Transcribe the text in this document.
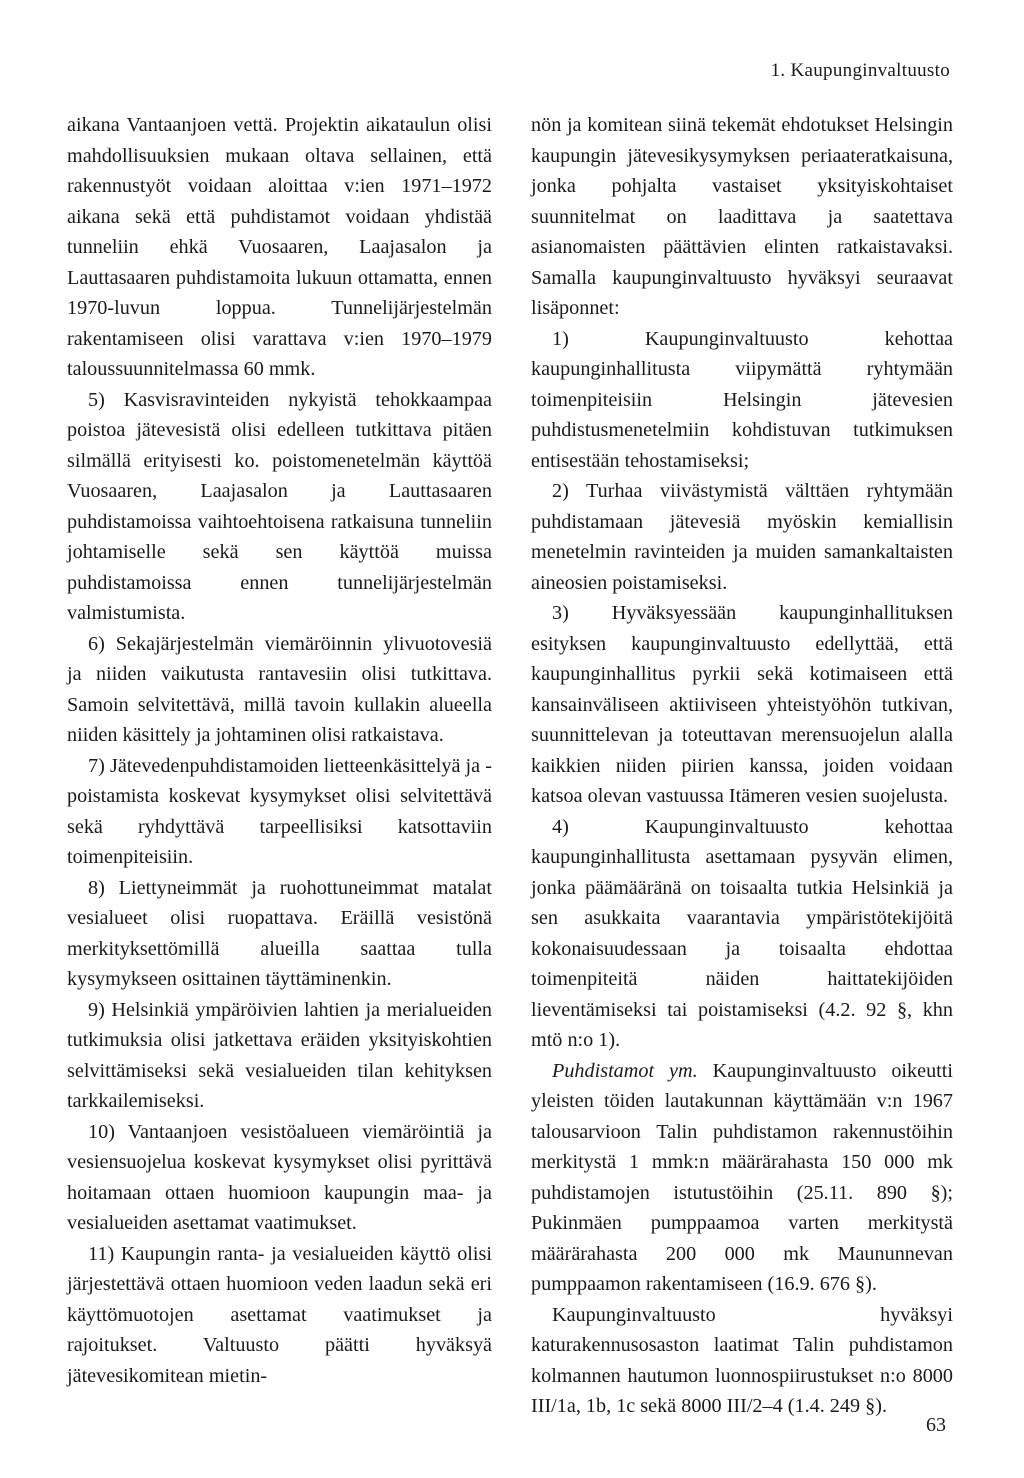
1. Kaupunginvaltuusto

aikana Vantaanjoen vettä. Projektin aikataulun olisi mahdollisuuksien mukaan oltava sellainen, että rakennustyöt voidaan aloittaa v:ien 1971–1972 aikana sekä että puhdistamot voidaan yhdistää tunneliin ehkä Vuosaaren, Laajasalon ja Lauttasaaren puhdistamoita lukuun ottamatta, ennen 1970-luvun loppua. Tunnelijärjestelmän rakentamiseen olisi varattava v:ien 1970–1979 taloussuunnitelmassa 60 mmk.

5) Kasvisravinteiden nykyistä tehokkaampaa poistoa jätevesistä olisi edelleen tutkittava pitäen silmällä erityisesti ko. poistomenetelmän käyttöä Vuosaaren, Laajasalon ja Lauttasaaren puhdistamoissa vaihtoehtoisena ratkaisuna tunneliin johtamiselle sekä sen käyttöä muissa puhdistamoissa ennen tunnelijärjestelmän valmistumista.

6) Sekajärjestelmän viemäröinnin ylivuotovesiä ja niiden vaikutusta rantavesiin olisi tutkittava. Samoin selvitettävä, millä tavoin kullakin alueella niiden käsittely ja johtaminen olisi ratkaistava.

7) Jätevedenpuhdistamoiden lietteenkäsittelyä ja -poistamista koskevat kysymykset olisi selvitettävä sekä ryhdyttävä tarpeellisiksi katsottaviin toimenpiteisiin.

8) Liettyneimmät ja ruohottuneimmat matalat vesialueet olisi ruopattava. Eräillä vesistönä merkityksettömillä alueilla saattaa tulla kysymykseen osittainen täyttäminenkin.

9) Helsinkiä ympäröivien lahtien ja merialueiden tutkimuksia olisi jatkettava eräiden yksityiskohtien selvittämiseksi sekä vesialueiden tilan kehityksen tarkkailemiseksi.

10) Vantaanjoen vesistöalueen viemäröintiä ja vesiensuojelua koskevat kysymykset olisi pyrittävä hoitamaan ottaen huomioon kaupungin maa- ja vesialueiden asettamat vaatimukset.

11) Kaupungin ranta- ja vesialueiden käyttö olisi järjestettävä ottaen huomioon veden laadun sekä eri käyttömuotojen asettamat vaatimukset ja rajoitukset. Valtuusto päätti hyväksyä jätevesikomitean mietin-

nön ja komitean siinä tekemät ehdotukset Helsingin kaupungin jätevesikysymyksen periaateratkaisuna, jonka pohjalta vastaiset yksityiskohtaiset suunnitelmat on laadittava ja saatettava asianomaisten päättävien elinten ratkaistavaksi. Samalla kaupunginvaltuusto hyväksyi seuraavat lisäponnet:

1) Kaupunginvaltuusto kehottaa kaupunginhallitusta viipymättä ryhtymään toimenpiteisiin Helsingin jätevesien puhdistusmenetelmiin kohdistuvan tutkimuksen entisestään tehostamiseksi;

2) Turhaa viivästymistä välttäen ryhtymään puhdistamaan jätevesiä myöskin kemiallisin menetelmin ravinteiden ja muiden samankaltaisten aineosien poistamiseksi.

3) Hyväksyessään kaupunginhallituksen esityksen kaupunginvaltuusto edellyttää, että kaupunginhallitus pyrkii sekä kotimaiseen että kansainväliseen aktiiviseen yhteistyöhön tutkivan, suunnittelevan ja toteuttavan merensuojelun alalla kaikkien niiden piirien kanssa, joiden voidaan katsoa olevan vastuussa Itämeren vesien suojelusta.

4) Kaupunginvaltuusto kehottaa kaupunginhallitusta asettamaan pysyvän elimen, jonka päämääränä on toisaalta tutkia Helsinkiä ja sen asukkaita vaarantavia ympäristötekijöitä kokonaisuudessaan ja toisaalta ehdottaa toimenpiteitä näiden haittatekijöiden lieventämiseksi tai poistamiseksi (4.2. 92 §, khn mtö n:o 1).

Puhdistamot ym. Kaupunginvaltuusto oikeutti yleisten töiden lautakunnan käyttämään v:n 1967 talousarvioon Talin puhdistamon rakennustöihin merkitystä 1 mmk:n määrärahasta 150 000 mk puhdistamojen istutustöihin (25.11. 890 §); Pukinmäen pumppaamoa varten merkitystä määrärahasta 200 000 mk Maununnevan pumppaamon rakentamiseen (16.9. 676 §).

Kaupunginvaltuusto hyväksyi katurakennusosaston laatimat Talin puhdistamon kolmannen hautumon luonnospiirustukset n:o 8000 III/1a, 1b, 1c sekä 8000 III/2–4 (1.4. 249 §).

63
